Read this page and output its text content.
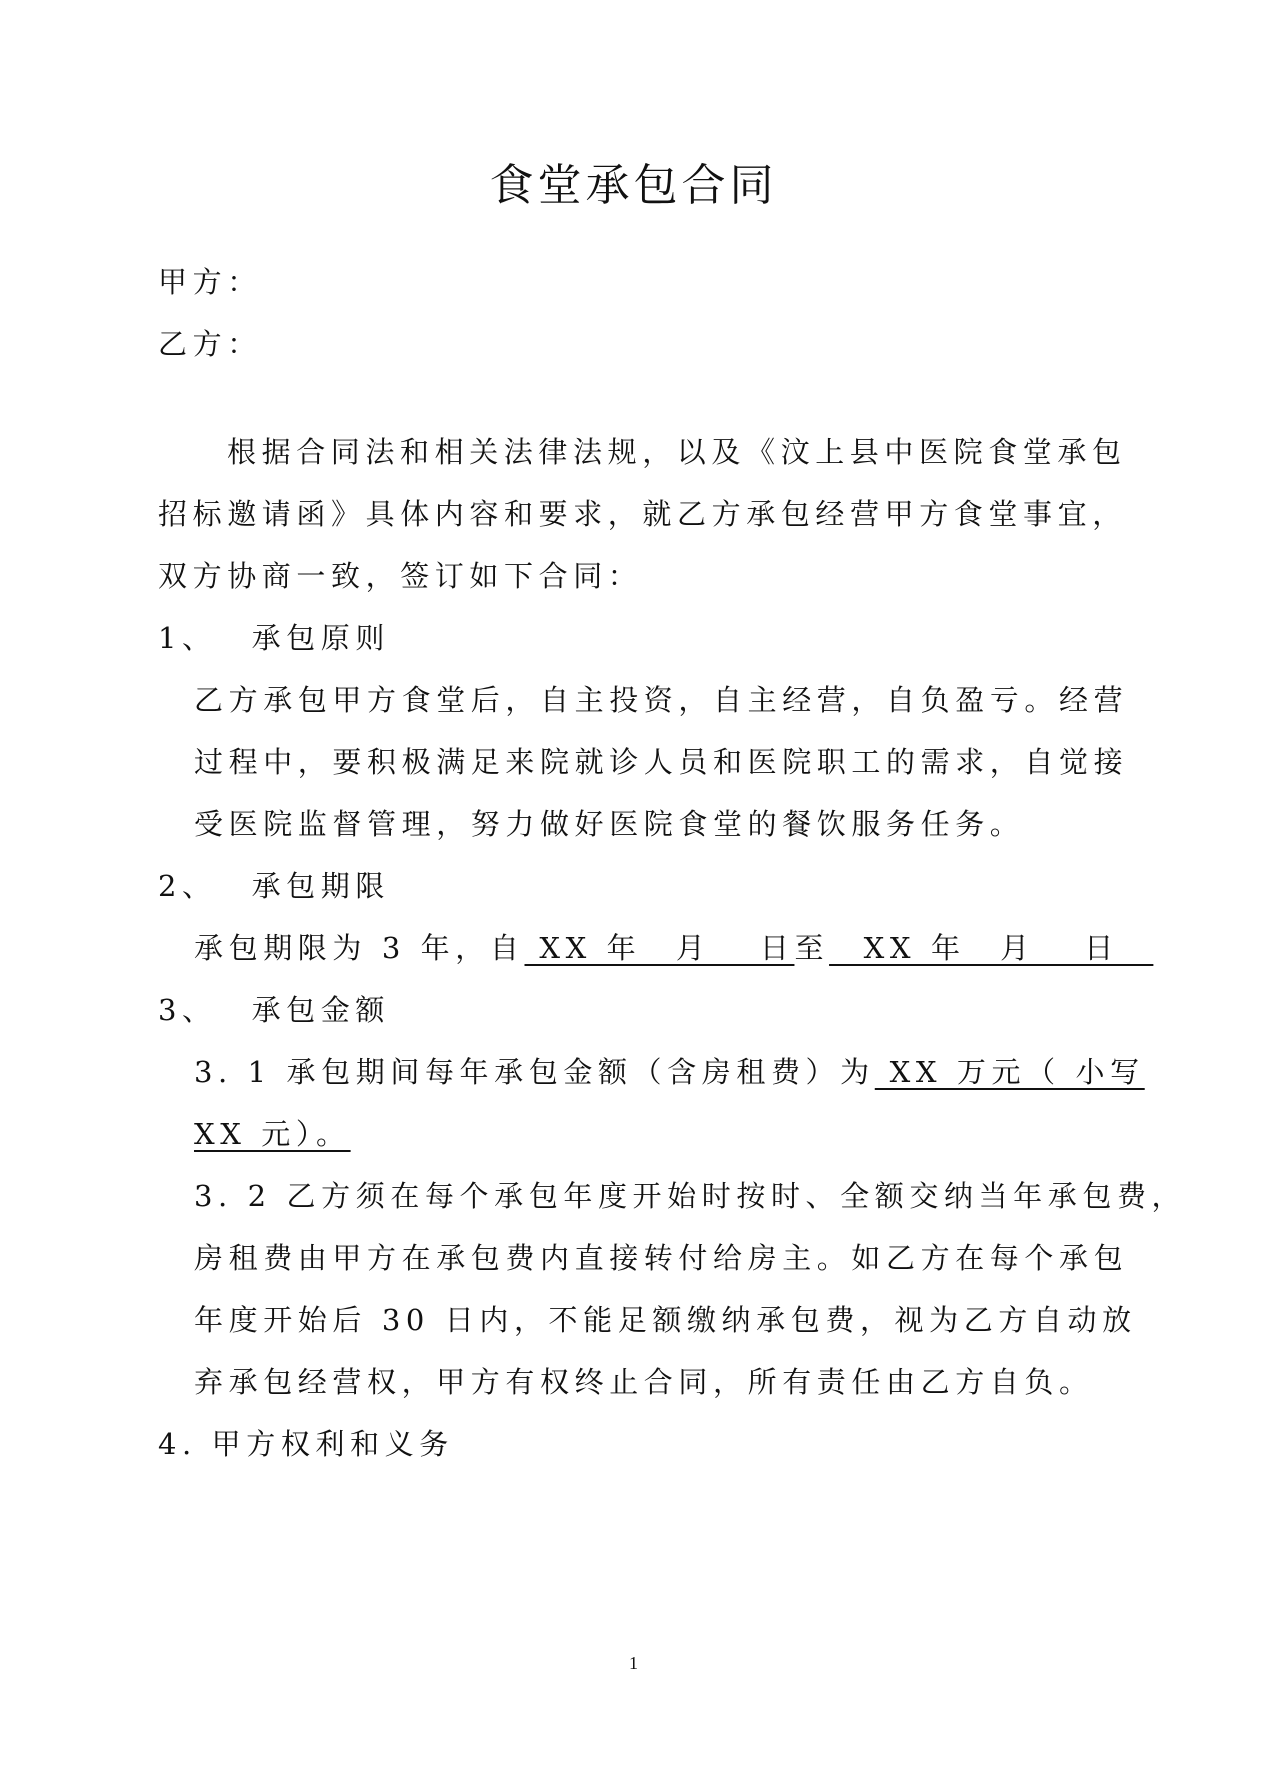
食堂承包合同
甲方：
乙方：
根据合同法和相关法律法规，以及《汶上县中医院食堂承包
招标邀请函》具体内容和要求，就乙方承包经营甲方食堂事宜，
双方协商一致，签订如下合同：
1、　 承包原则
乙方承包甲方食堂后，自主投资，自主经营，自负盈亏。经营
过程中，要积极满足来院就诊人员和医院职工的需求，自觉接
受医院监督管理，努力做好医院食堂的餐饮服务任务。
2、　 承包期限
承包期限为 3 年，自 XX 年　月　 日至　XX 年　月　 日　
3、　 承包金额
3. 1 承包期间每年承包金额（含房租费）为 XX 万元（ 小写
XX 元）。
3. 2 乙方须在每个承包年度开始时按时、全额交纳当年承包费，
房租费由甲方在承包费内直接转付给房主。如乙方在每个承包
年度开始后 30 日内，不能足额缴纳承包费，视为乙方自动放
弃承包经营权，甲方有权终止合同，所有责任由乙方自负。
4. 甲方权利和义务
1
